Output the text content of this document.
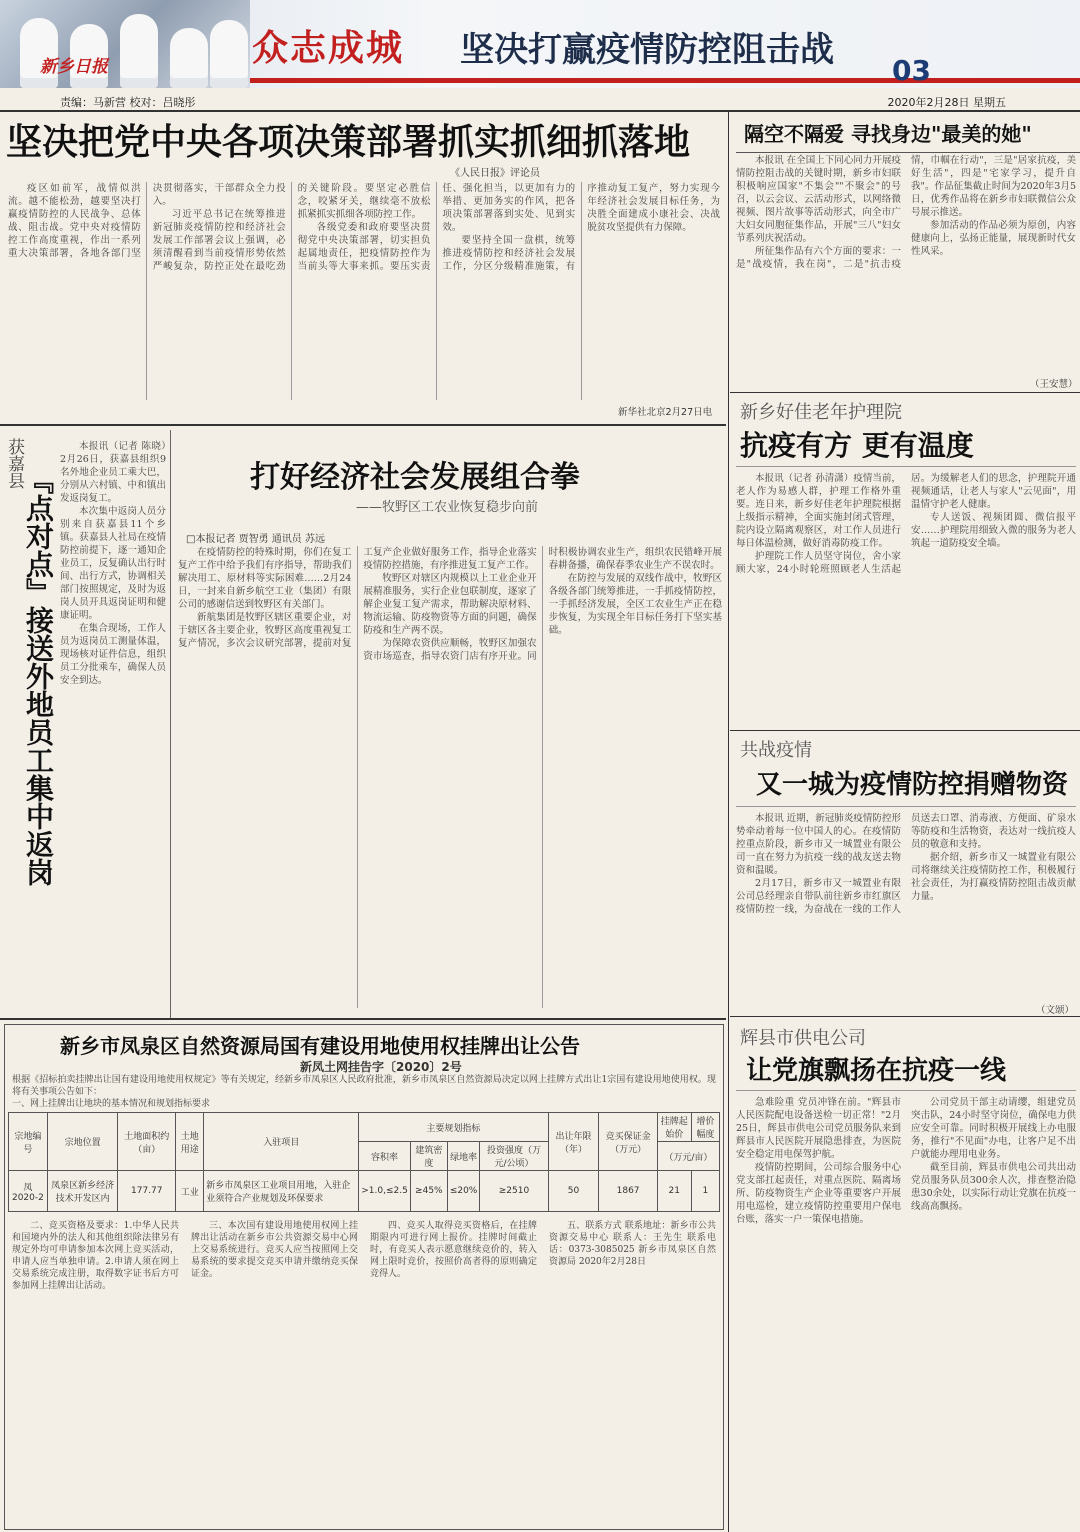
新乡日报	众志成城 坚决打赢疫情防控阻击战
03
责编：马新营 校对：吕晓彤	2020年2月28日 星期五
坚决把党中央各项决策部署抓实抓细抓落地
《人民日报》评论员

疫区如前军，战情似洪流。越不能松劲，越要坚决打赢疫情防控的人民战争、总体战、阻击战。党中央对疫情防控工作高度重视，作出一系列重大决策部署，各地各部门坚决贯彻落实，干部群众全力投入。

习近平总书记在统筹推进新冠肺炎疫情防控和经济社会发展工作部署会议上强调，必须清醒看到当前疫情形势依然严峻复杂，防控正处在最吃劲的关键阶段。要坚定必胜信念，咬紧牙关，继续毫不放松抓紧抓实抓细各项防控工作。

各级党委和政府要坚决贯彻党中央决策部署，切实担负起属地责任，把疫情防控作为当前头等大事来抓。要压实责任、强化担当，以更加有力的举措、更加务实的作风，把各项决策部署落到实处、见到实效。

要坚持全国一盘棋，统筹推进疫情防控和经济社会发展工作，分区分级精准施策，有序推动复工复产，努力实现今年经济社会发展目标任务，为决胜全面建成小康社会、决战脱贫攻坚提供有力保障。

新华社北京2月27日电
获嘉县
『点对点』接送外地员工集中返岗

本报讯（记者 陈晓）2月26日，获嘉县组织9名外地企业员工乘大巴，分别从六村镇、中和镇出发返岗复工。

本次集中返岗人员分别来自获嘉县11个乡镇。获嘉县人社局在疫情防控前提下，逐一通知企业员工，反复确认出行时间、出行方式，协调相关部门按照规定，及时为返岗人员开具返岗证明和健康证明。

在集合现场，工作人员为返岗员工测量体温，现场核对证件信息，组织员工分批乘车，确保人员安全到达。

打好经济社会发展组合拳
——牧野区工农业恢复稳步向前
□本报记者 贾智勇 通讯员 苏远

在疫情防控的特殊时期，你们在复工复产工作中给予我们有序指导，帮助我们解决用工、原材料等实际困难……2月24日，一封来自新乡航空工业（集团）有限公司的感谢信送到牧野区有关部门。

新航集团是牧野区辖区重要企业，对于辖区各主要企业，牧野区高度重视复工复产情况，多次会议研究部署，提前对复工复产企业做好服务工作，指导企业落实疫情防控措施，有序推进复工复产工作。

牧野区对辖区内规模以上工业企业开展精准服务，实行企业包联制度，逐家了解企业复工复产需求，帮助解决原材料、物流运输、防疫物资等方面的问题，确保防疫和生产两不误。

为保障农资供应顺畅，牧野区加强农资市场巡查，指导农资门店有序开业。同时积极协调农业生产，组织农民错峰开展春耕备播，确保春季农业生产不误农时。

在防控与发展的双线作战中，牧野区各级各部门统筹推进，一手抓疫情防控，一手抓经济发展，全区工农业生产正在稳步恢复，为实现全年目标任务打下坚实基础。

隔空不隔爱 寻找身边"最美的她"

本报讯 在全国上下同心同力开展疫情防控阻击战的关键时期，新乡市妇联积极响应国家"不集会""不聚会"的号召，以云会议、云活动形式，以网络微视频、图片故事等活动形式，向全市广大妇女同胞征集作品，开展"三八"妇女节系列庆祝活动。

所征集作品有六个方面的要求：一是"战疫情，我在岗"，二是"抗击疫情，巾帼在行动"，三是"居家抗疫，美好生活"，四是"宅家学习，提升自我"。作品征集截止时间为2020年3月5日，优秀作品将在新乡市妇联微信公众号展示推送。

参加活动的作品必须为原创，内容健康向上，弘扬正能量，展现新时代女性风采。

（王安慧）
新乡好佳老年护理院
抗疫有方 更有温度

本报讯（记者 孙清潇）疫情当前，老人作为易感人群，护理工作格外重要。连日来，新乡好佳老年护理院根据上级指示精神，全面实施封闭式管理，院内设立隔离观察区，对工作人员进行每日体温检测，做好消毒防疫工作。

护理院工作人员坚守岗位，舍小家顾大家，24小时轮班照顾老人生活起居。为缓解老人们的思念，护理院开通视频通话，让老人与家人"云见面"，用温情守护老人健康。

专人送饭、视频团圆、微信报平安……护理院用细致入微的服务为老人筑起一道防疫安全墙。

共战疫情
又一城为疫情防控捐赠物资

本报讯 近期，新冠肺炎疫情防控形势牵动着每一位中国人的心。在疫情防控重点阶段，新乡市又一城置业有限公司一直在努力为抗疫一线的战友送去物资和温暖。

2月17日，新乡市又一城置业有限公司总经理亲自带队前往新乡市红旗区疫情防控一线，为奋战在一线的工作人员送去口罩、消毒液、方便面、矿泉水等防疫和生活物资，表达对一线抗疫人员的敬意和支持。

据介绍，新乡市又一城置业有限公司将继续关注疫情防控工作，积极履行社会责任，为打赢疫情防控阻击战贡献力量。

（文颂）
辉县市供电公司
让党旗飘扬在抗疫一线

急难险重 党员冲锋在前。"辉县市人民医院配电设备送检一切正常！"2月25日，辉县市供电公司党员服务队来到辉县市人民医院开展隐患排查，为医院安全稳定用电保驾护航。

疫情防控期间，公司综合服务中心党支部扛起责任，对重点医院、隔离场所、防疫物资生产企业等重要客户开展用电巡检，建立疫情防控重要用户保电台账，落实一户一策保电措施。

公司党员干部主动请缨，组建党员突击队，24小时坚守岗位，确保电力供应安全可靠。同时积极开展线上办电服务，推行"不见面"办电，让客户足不出户就能办理用电业务。

截至目前，辉县市供电公司共出动党员服务队员300余人次，排查整治隐患30余处，以实际行动让党旗在抗疫一线高高飘扬。

新乡市凤泉区自然资源局国有建设用地使用权挂牌出让公告
新凤土网挂告字〔2020〕2号
根据《招标拍卖挂牌出让国有建设用地使用权规定》等有关规定，经新乡市凤泉区人民政府批准，新乡市凤泉区自然资源局决定以网上挂牌方式出让1宗国有建设用地使用权。现将有关事项公告如下：
一、网上挂牌出让地块的基本情况和规划指标要求
宗地编号	宗地位置	土地面积约（亩）	土地用途	入驻项目	主要规划指标				出让年限（年）	竞买保证金（万元）	挂牌起始价	增价幅度
					容积率	建筑密度	绿地率	投资强度（万元/公顷）			（万元/亩）	
凤2020-2	凤泉区新乡经济技术开发区内	177.77	工业	新乡市凤泉区工业项目用地，入驻企业须符合产业规划及环保要求	>1.0,≤2.5	≥45%	≤20%	≥2510	50	1867	21	1

二、竞买资格及要求：1.中华人民共和国境内外的法人和其他组织除法律另有规定外均可申请参加本次网上竞买活动，申请人应当单独申请。2.申请人须在网上交易系统完成注册，取得数字证书后方可参加网上挂牌出让活动。

三、本次国有建设用地使用权网上挂牌出让活动在新乡市公共资源交易中心网上交易系统进行。竞买人应当按照网上交易系统的要求提交竞买申请并缴纳竞买保证金。

四、竞买人取得竞买资格后，在挂牌期限内可进行网上报价。挂牌时间截止时，有竞买人表示愿意继续竞价的，转入网上限时竞价，按照价高者得的原则确定竞得人。

五、联系方式 联系地址：新乡市公共资源交易中心 联系人：王先生 联系电话：0373-3085025 新乡市凤泉区自然资源局 2020年2月28日
